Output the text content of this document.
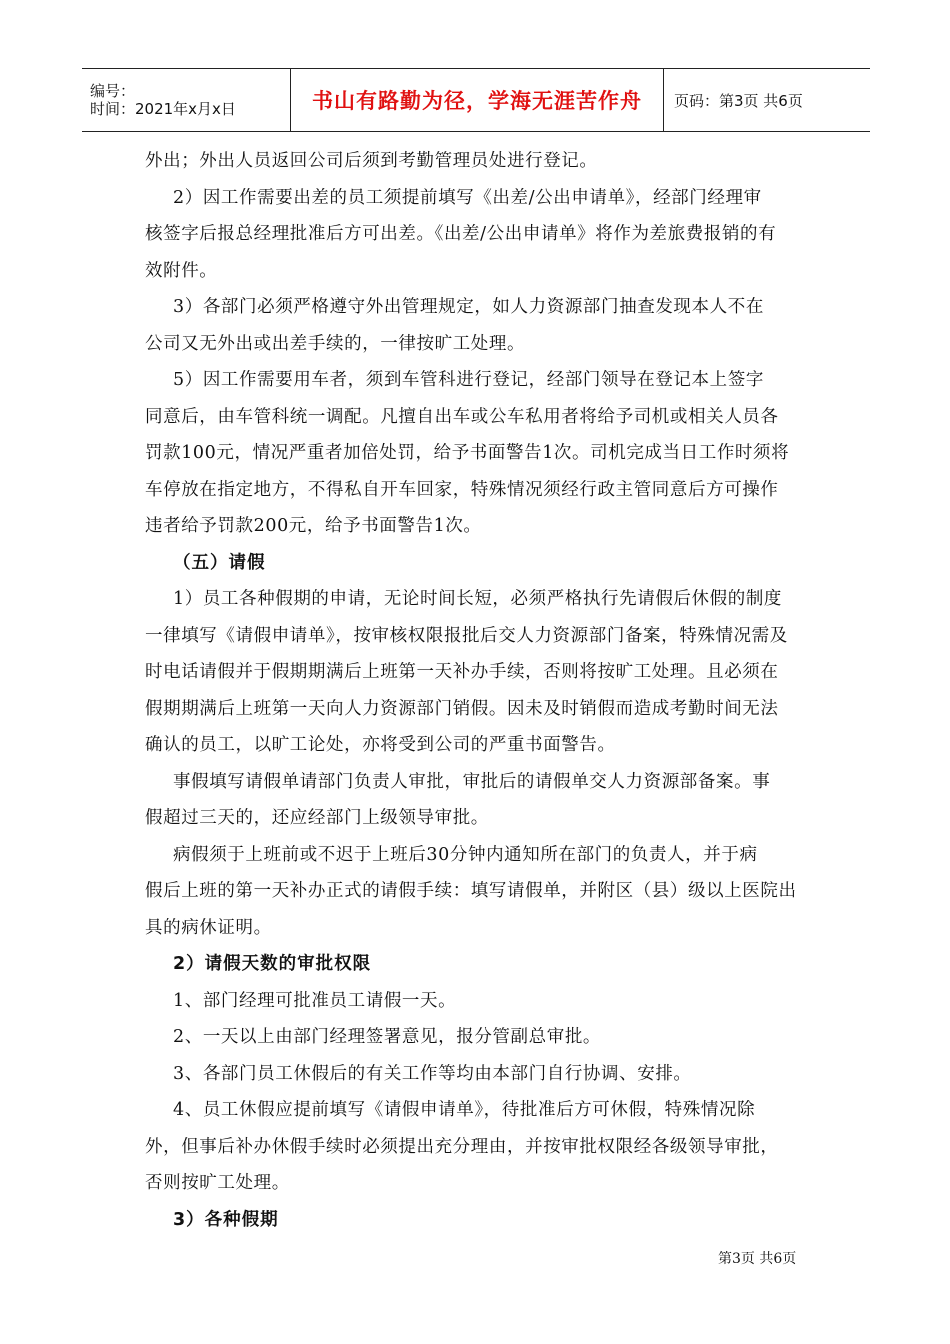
编号：
时间：2021年x月x日	书山有路勤为径，学海无涯苦作舟	页码：第3页 共6页
外出；外出人员返回公司后须到考勤管理员处进行登记。
2）因工作需要出差的员工须提前填写《出差/公出申请单》，经部门经理审
核签字后报总经理批准后方可出差。《出差/公出申请单》将作为差旅费报销的有
效附件。
3）各部门必须严格遵守外出管理规定，如人力资源部门抽查发现本人不在
公司又无外出或出差手续的，一律按旷工处理。
5）因工作需要用车者，须到车管科进行登记，经部门领导在登记本上签字
同意后，由车管科统一调配。凡擅自出车或公车私用者将给予司机或相关人员各
罚款100元，情况严重者加倍处罚，给予书面警告1次。司机完成当日工作时须将
车停放在指定地方，不得私自开车回家，特殊情况须经行政主管同意后方可操作
违者给予罚款200元，给予书面警告1次。
（五）请假
1）员工各种假期的申请，无论时间长短，必须严格执行先请假后休假的制度
一律填写《请假申请单》，按审核权限报批后交人力资源部门备案，特殊情况需及
时电话请假并于假期期满后上班第一天补办手续，否则将按旷工处理。且必须在
假期期满后上班第一天向人力资源部门销假。因未及时销假而造成考勤时间无法
确认的员工，以旷工论处，亦将受到公司的严重书面警告。
事假填写请假单请部门负责人审批，审批后的请假单交人力资源部备案。事
假超过三天的，还应经部门上级领导审批。
病假须于上班前或不迟于上班后30分钟内通知所在部门的负责人，并于病
假后上班的第一天补办正式的请假手续：填写请假单，并附区（县）级以上医院出
具的病休证明。
2）请假天数的审批权限
1、部门经理可批准员工请假一天。
2、一天以上由部门经理签署意见，报分管副总审批。
3、各部门员工休假后的有关工作等均由本部门自行协调、安排。
4、员工休假应提前填写《请假申请单》，待批准后方可休假，特殊情况除
外，但事后补办休假手续时必须提出充分理由，并按审批权限经各级领导审批，
否则按旷工处理。
3）各种假期
第3页 共6页
